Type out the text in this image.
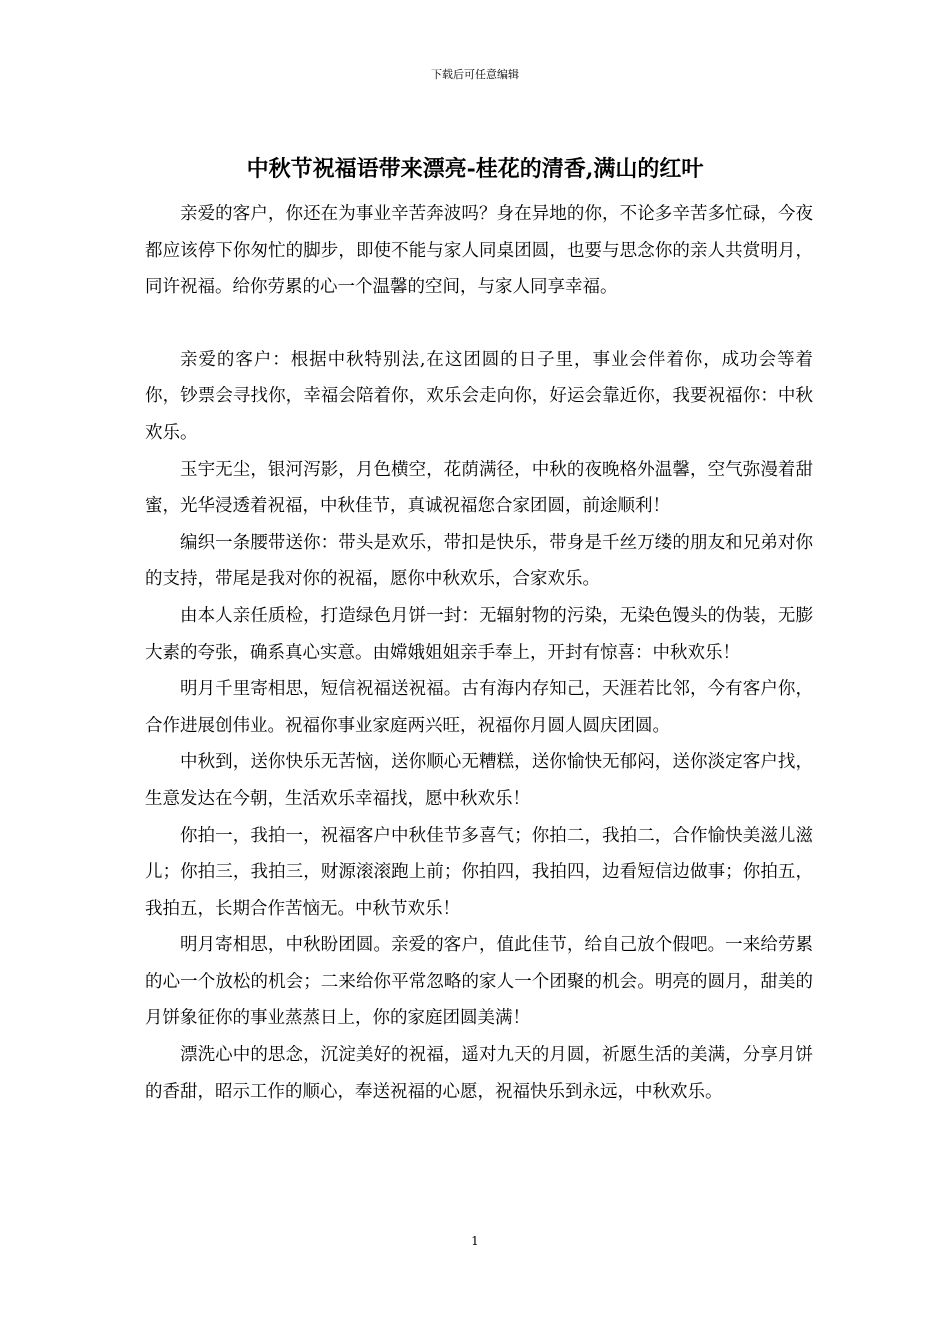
下载后可任意编辑
中秋节祝福语带来漂亮-桂花的清香,满山的红叶

亲爱的客户，你还在为事业辛苦奔波吗？身在异地的你，不论多辛苦多忙碌，今夜都应该停下你匆忙的脚步，即使不能与家人同桌团圆，也要与思念你的亲人共赏明月，同许祝福。给你劳累的心一个温馨的空间，与家人同享幸福。

亲爱的客户：根据中秋特别法,在这团圆的日子里，事业会伴着你，成功会等着你，钞票会寻找你，幸福会陪着你，欢乐会走向你，好运会靠近你，我要祝福你：中秋欢乐。

玉宇无尘，银河泻影，月色横空，花荫满径，中秋的夜晚格外温馨，空气弥漫着甜蜜，光华浸透着祝福，中秋佳节，真诚祝福您合家团圆，前途顺利！

编织一条腰带送你：带头是欢乐，带扣是快乐，带身是千丝万缕的朋友和兄弟对你的支持，带尾是我对你的祝福，愿你中秋欢乐，合家欢乐。

由本人亲任质检，打造绿色月饼一封：无辐射物的污染，无染色馒头的伪装，无膨大素的夸张，确系真心实意。由嫦娥姐姐亲手奉上，开封有惊喜：中秋欢乐！

明月千里寄相思，短信祝福送祝福。古有海内存知己，天涯若比邻，今有客户你，合作进展创伟业。祝福你事业家庭两兴旺，祝福你月圆人圆庆团圆。

中秋到，送你快乐无苦恼，送你顺心无糟糕，送你愉快无郁闷，送你淡定客户找，生意发达在今朝，生活欢乐幸福找，愿中秋欢乐！

你拍一，我拍一，祝福客户中秋佳节多喜气；你拍二，我拍二，合作愉快美滋儿滋儿；你拍三，我拍三，财源滚滚跑上前；你拍四，我拍四，边看短信边做事；你拍五，我拍五，长期合作苦恼无。中秋节欢乐！

明月寄相思，中秋盼团圆。亲爱的客户，值此佳节，给自己放个假吧。一来给劳累的心一个放松的机会；二来给你平常忽略的家人一个团聚的机会。明亮的圆月，甜美的月饼象征你的事业蒸蒸日上，你的家庭团圆美满！

漂洗心中的思念，沉淀美好的祝福，遥对九天的月圆，祈愿生活的美满，分享月饼的香甜，昭示工作的顺心，奉送祝福的心愿，祝福快乐到永远，中秋欢乐。

1
